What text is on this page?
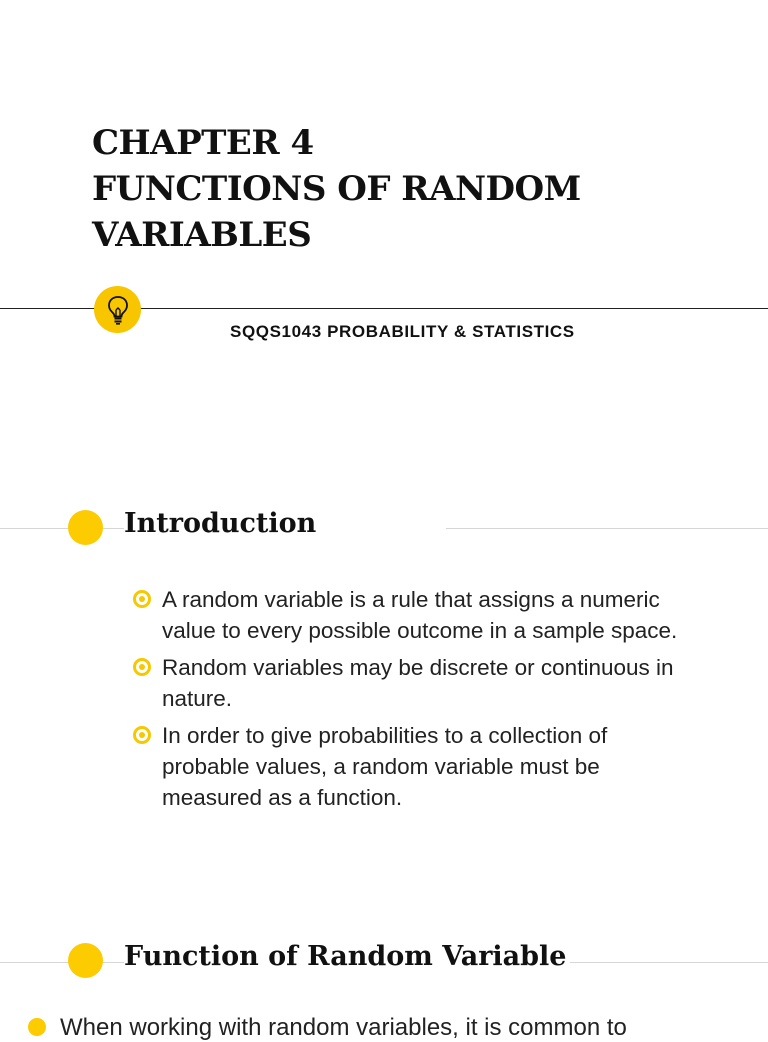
CHAPTER 4
FUNCTIONS OF RANDOM
VARIABLES
SQQS1043 PROBABILITY & STATISTICS
Introduction
A random variable is a rule that assigns a numeric value to every possible outcome in a sample space.
Random variables may be discrete or continuous in nature.
In order to give probabilities to a collection of probable values, a random variable must be measured as a function.
Function of Random Variable
When working with random variables, it is common to
